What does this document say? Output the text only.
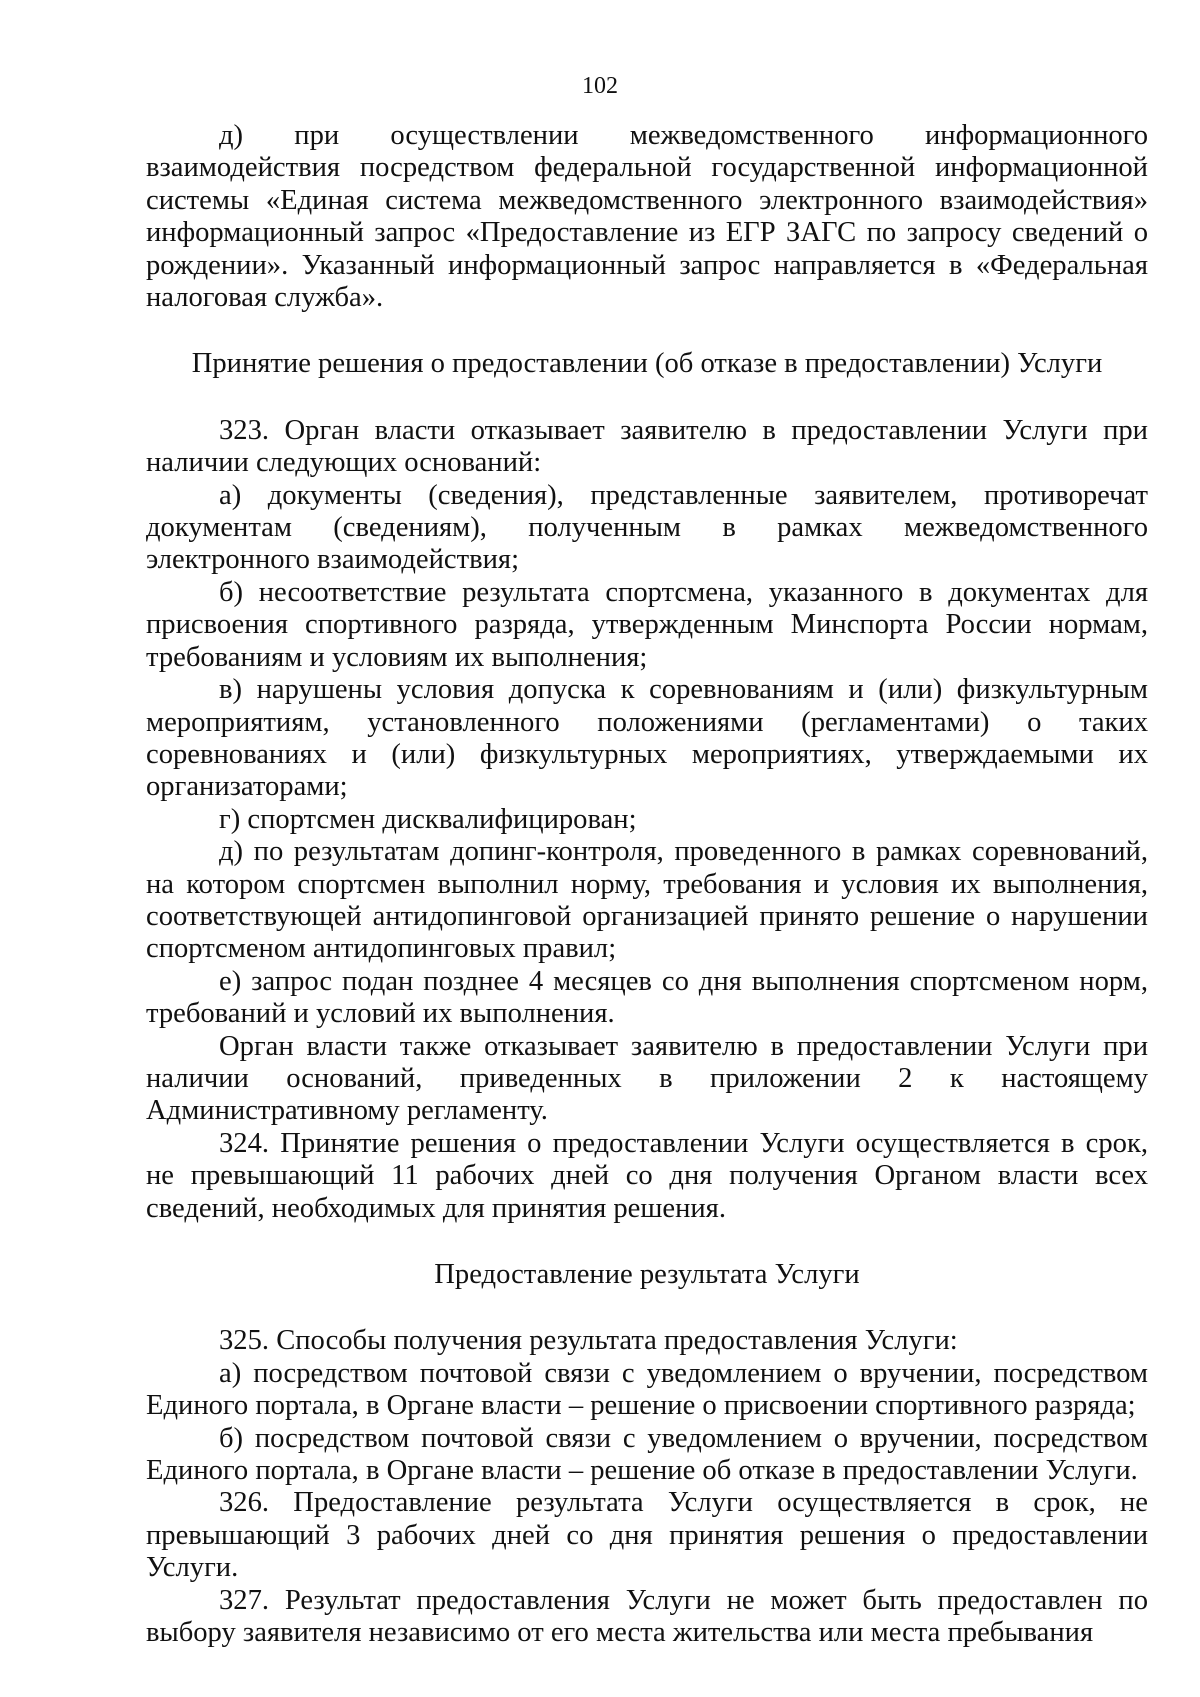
102

д) при осуществлении межведомственного информационного взаимодействия посредством федеральной государственной информационной системы «Единая система межведомственного электронного взаимодействия» информационный запрос «Предоставление из ЕГР ЗАГС по запросу сведений о рождении». Указанный информационный запрос направляется в «Федеральная налоговая служба».

Принятие решения о предоставлении (об отказе в предоставлении) Услуги

323. Орган власти отказывает заявителю в предоставлении Услуги при наличии следующих оснований:

а) документы (сведения), представленные заявителем, противоречат документам (сведениям), полученным в рамках межведомственного электронного взаимодействия;

б) несоответствие результата спортсмена, указанного в документах для присвоения спортивного разряда, утвержденным Минспорта России нормам, требованиям и условиям их выполнения;

в) нарушены условия допуска к соревнованиям и (или) физкультурным мероприятиям, установленного положениями (регламентами) о таких соревнованиях и (или) физкультурных мероприятиях, утверждаемыми их организаторами;

г) спортсмен дисквалифицирован;

д) по результатам допинг-контроля, проведенного в рамках соревнований, на котором спортсмен выполнил норму, требования и условия их выполнения, соответствующей антидопинговой организацией принято решение о нарушении спортсменом антидопинговых правил;

е) запрос подан позднее 4 месяцев со дня выполнения спортсменом норм, требований и условий их выполнения.

Орган власти также отказывает заявителю в предоставлении Услуги при наличии оснований, приведенных в приложении 2 к настоящему Административному регламенту.

324. Принятие решения о предоставлении Услуги осуществляется в срок, не превышающий 11 рабочих дней со дня получения Органом власти всех сведений, необходимых для принятия решения.

Предоставление результата Услуги

325. Способы получения результата предоставления Услуги:

а) посредством почтовой связи с уведомлением о вручении, посредством Единого портала, в Органе власти – решение о присвоении спортивного разряда;

б) посредством почтовой связи с уведомлением о вручении, посредством Единого портала, в Органе власти – решение об отказе в предоставлении Услуги.

326. Предоставление результата Услуги осуществляется в срок, не превышающий 3 рабочих дней со дня принятия решения о предоставлении Услуги.

327. Результат предоставления Услуги не может быть предоставлен по выбору заявителя независимо от его места жительства или места пребывания
